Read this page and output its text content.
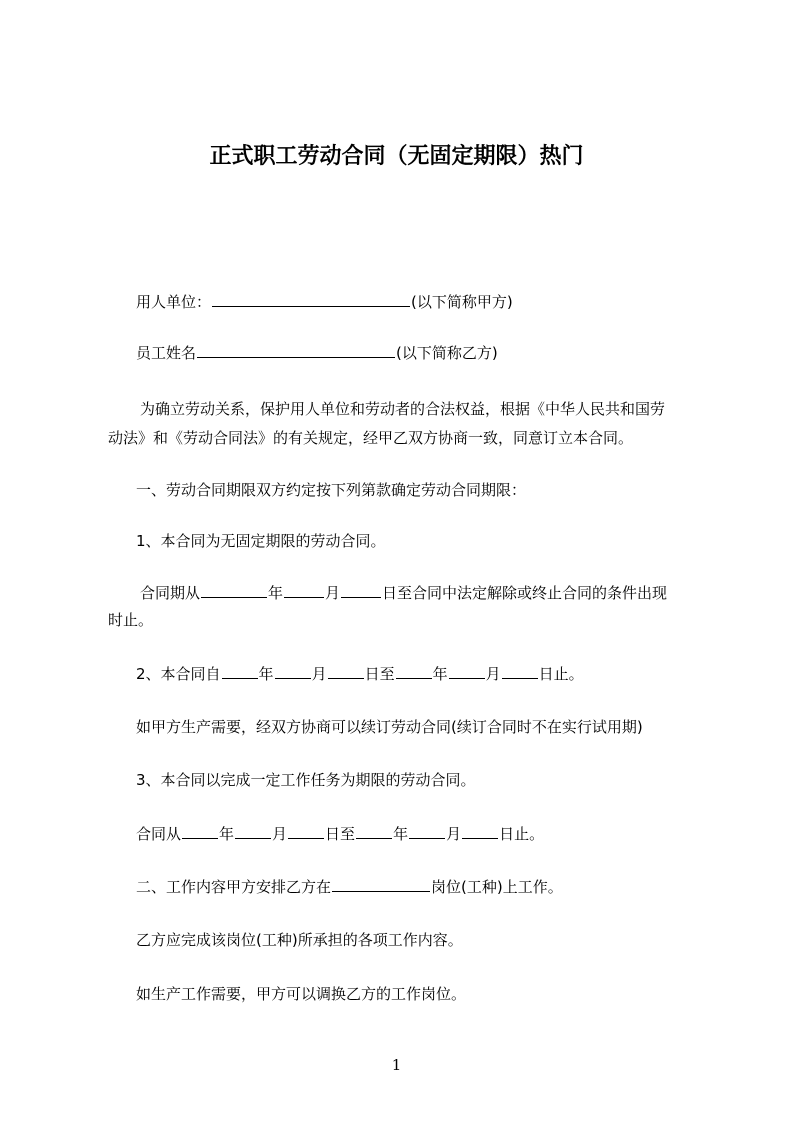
正式职工劳动合同（无固定期限）热门
用人单位：	(以下简称甲方)
员工姓名	(以下简称乙方)
为确立劳动关系，保护用人单位和劳动者的合法权益，根据《中华人民共和国劳
动法》和《劳动合同法》的有关规定，经甲乙双方协商一致，同意订立本合同。
一、劳动合同期限双方约定按下列第款确定劳动合同期限：
1、本合同为无固定期限的劳动合同。
合同期从	年	月	日至合同中法定解除或终止合同的条件出现
时止。
2、本合同自	年	月	日至	年	月	日止。
如甲方生产需要，经双方协商可以续订劳动合同(续订合同时不在实行试用期)
3、本合同以完成一定工作任务为期限的劳动合同。
合同从	年	月	日至	年	月	日止。
二、工作内容甲方安排乙方在	岗位(工种)上工作。
乙方应完成该岗位(工种)所承担的各项工作内容。
如生产工作需要，甲方可以调换乙方的工作岗位。
1
